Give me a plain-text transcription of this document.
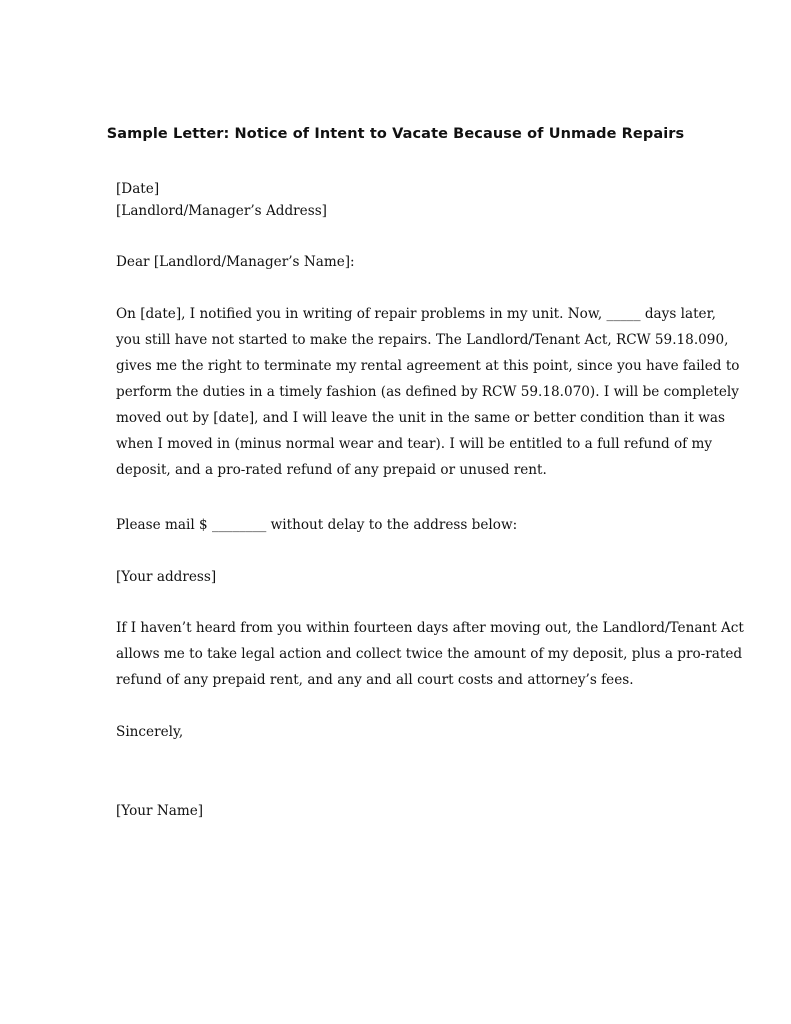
Sample Letter: Notice of Intent to Vacate Because of Unmade Repairs
[Date]
[Landlord/Manager’s Address]

Dear [Landlord/Manager’s Name]:

On [date], I notified you in writing of repair problems in my unit. Now, _____ days later,
you still have not started to make the repairs. The Landlord/Tenant Act, RCW 59.18.090,
gives me the right to terminate my rental agreement at this point, since you have failed to
perform the duties in a timely fashion (as defined by RCW 59.18.070). I will be completely
moved out by [date], and I will leave the unit in the same or better condition than it was
when I moved in (minus normal wear and tear). I will be entitled to a full refund of my
deposit, and a pro-rated refund of any prepaid or unused rent.

Please mail $ ________ without delay to the address below:

[Your address]

If I haven’t heard from you within fourteen days after moving out, the Landlord/Tenant Act
allows me to take legal action and collect twice the amount of my deposit, plus a pro-rated
refund of any prepaid rent, and any and all court costs and attorney’s fees.

Sincerely,

[Your Name]
